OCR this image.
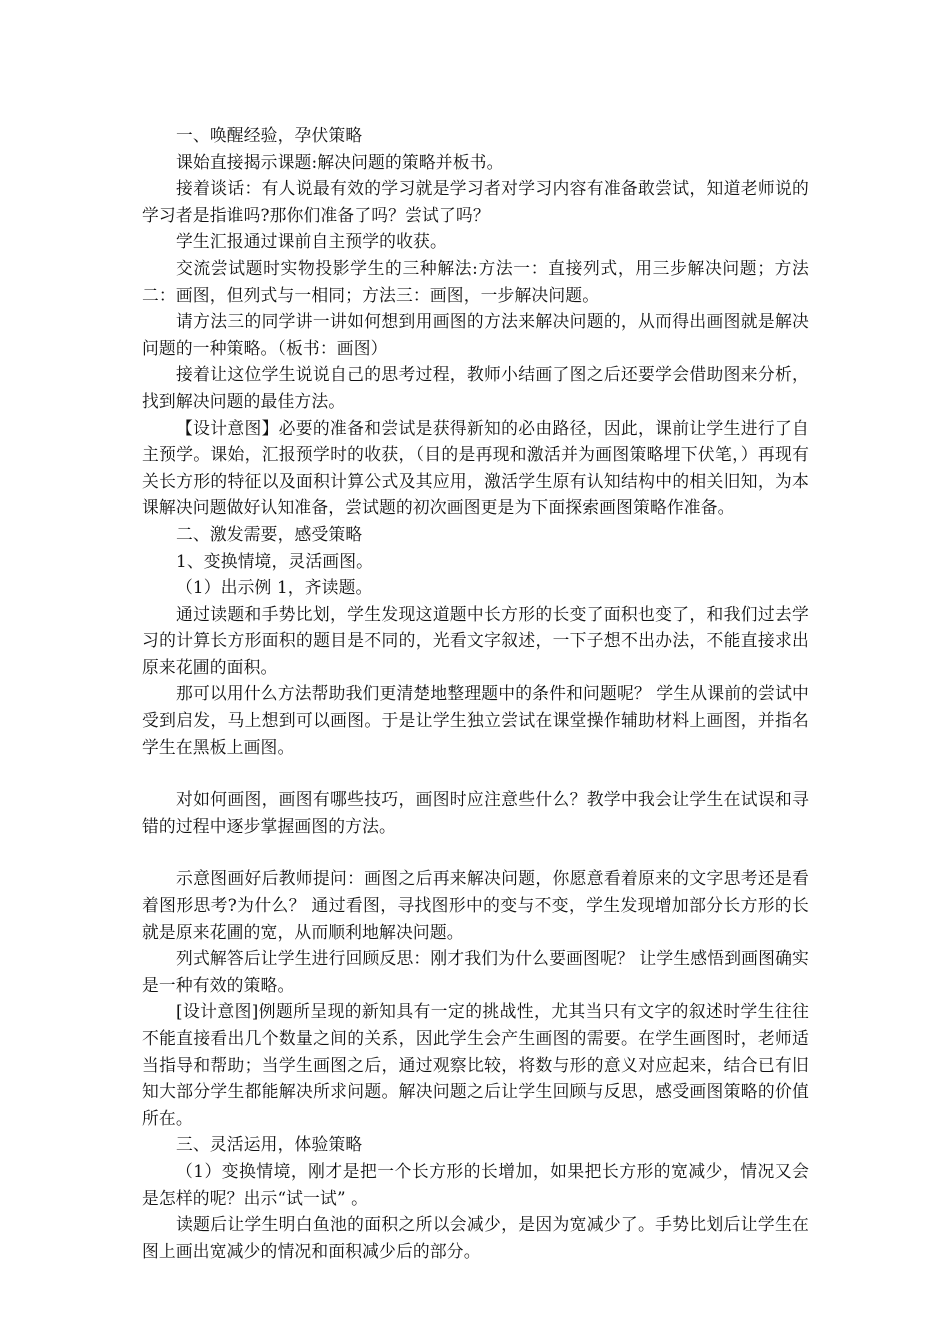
一、唤醒经验，孕伏策略

课始直接揭示课题:解决问题的策略并板书。

接着谈话：有人说最有效的学习就是学习者对学习内容有准备敢尝试，知道老师说的学习者是指谁吗?那你们准备了吗？尝试了吗？

学生汇报通过课前自主预学的收获。

交流尝试题时实物投影学生的三种解法:方法一：直接列式，用三步解决问题；方法二：画图，但列式与一相同；方法三：画图，一步解决问题。

请方法三的同学讲一讲如何想到用画图的方法来解决问题的，从而得出画图就是解决问题的一种策略。（板书：画图）

接着让这位学生说说自己的思考过程，教师小结画了图之后还要学会借助图来分析，找到解决问题的最佳方法。

【设计意图】必要的准备和尝试是获得新知的必由路径，因此，课前让学生进行了自主预学。课始，汇报预学时的收获，（目的是再现和激活并为画图策略埋下伏笔，）再现有关长方形的特征以及面积计算公式及其应用，激活学生原有认知结构中的相关旧知，为本课解决问题做好认知准备，尝试题的初次画图更是为下面探索画图策略作准备。

二、激发需要，感受策略

1、变换情境，灵活画图。

（1）出示例 1，齐读题。

通过读题和手势比划，学生发现这道题中长方形的长变了面积也变了，和我们过去学习的计算长方形面积的题目是不同的，光看文字叙述，一下子想不出办法，不能直接求出原来花圃的面积。

那可以用什么方法帮助我们更清楚地整理题中的条件和问题呢？ 学生从课前的尝试中受到启发，马上想到可以画图。于是让学生独立尝试在课堂操作辅助材料上画图，并指名学生在黑板上画图。

对如何画图，画图有哪些技巧，画图时应注意些什么？教学中我会让学生在试误和寻错的过程中逐步掌握画图的方法。

示意图画好后教师提问：画图之后再来解决问题，你愿意看着原来的文字思考还是看着图形思考?为什么？ 通过看图，寻找图形中的变与不变，学生发现增加部分长方形的长就是原来花圃的宽，从而顺利地解决问题。

列式解答后让学生进行回顾反思：刚才我们为什么要画图呢？ 让学生感悟到画图确实是一种有效的策略。

[设计意图]例题所呈现的新知具有一定的挑战性，尤其当只有文字的叙述时学生往往不能直接看出几个数量之间的关系，因此学生会产生画图的需要。在学生画图时，老师适当指导和帮助；当学生画图之后，通过观察比较，将数与形的意义对应起来，结合已有旧知大部分学生都能解决所求问题。解决问题之后让学生回顾与反思，感受画图策略的价值所在。

三、灵活运用，体验策略

（1）变换情境，刚才是把一个长方形的长增加，如果把长方形的宽减少，情况又会是怎样的呢？出示“试一试” 。

读题后让学生明白鱼池的面积之所以会减少，是因为宽减少了。手势比划后让学生在图上画出宽减少的情况和面积减少后的部分。
